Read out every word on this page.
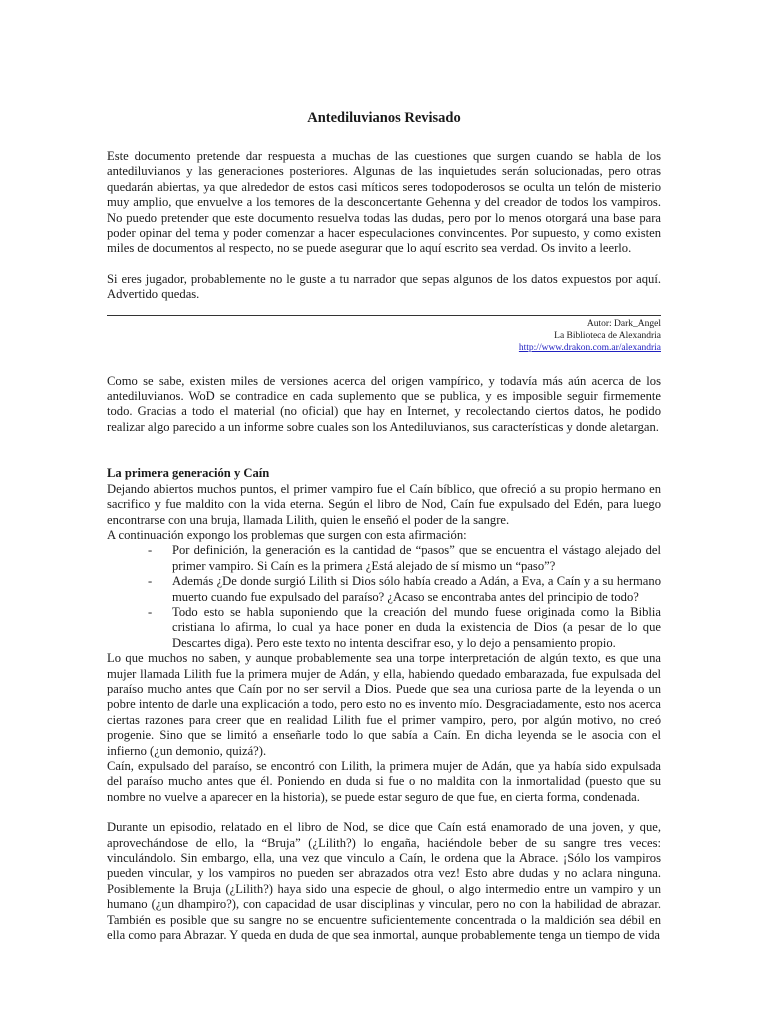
Antediluvianos Revisado

Este documento pretende dar respuesta a muchas de las cuestiones que surgen cuando se habla de los antediluvianos y las generaciones posteriores. Algunas de las inquietudes serán solucionadas, pero otras quedarán abiertas, ya que alrededor de estos casi míticos seres todopoderosos se oculta un telón de misterio muy amplio, que envuelve a los temores de la desconcertante Gehenna y del creador de todos los vampiros. No puedo pretender que este documento resuelva todas las dudas, pero por lo menos otorgará una base para poder opinar del tema y poder comenzar a hacer especulaciones convincentes. Por supuesto, y como existen miles de documentos al respecto, no se puede asegurar que lo aquí escrito sea verdad. Os invito a leerlo.

Si eres jugador, probablemente no le guste a tu narrador que sepas algunos de los datos expuestos por aquí. Advertido quedas.

Autor: Dark_Angel
La Biblioteca de Alexandria
http://www.drakon.com.ar/alexandria

Como se sabe, existen miles de versiones acerca del origen vampírico, y todavía más aún acerca de los antediluvianos. WoD se contradice en cada suplemento que se publica, y es imposible seguir firmemente todo. Gracias a todo el material (no oficial) que hay en Internet, y recolectando ciertos datos, he podido realizar algo parecido a un informe sobre cuales son los Antediluvianos, sus características y donde aletargan.

La primera generación y Caín

Dejando abiertos muchos puntos, el primer vampiro fue el Caín bíblico, que ofreció a su propio hermano en sacrifico y fue maldito con la vida eterna. Según el libro de Nod, Caín fue expulsado del Edén, para luego encontrarse con una bruja, llamada Lilith, quien le enseñó el poder de la sangre.

A continuación expongo los problemas que surgen con esta afirmación:

- Por definición, la generación es la cantidad de “pasos” que se encuentra el vástago alejado del primer vampiro. Si Caín es la primera ¿Está alejado de sí mismo un “paso”?
- Además ¿De donde surgió Lilith si Dios sólo había creado a Adán, a Eva, a Caín y a su hermano muerto cuando fue expulsado del paraíso? ¿Acaso se encontraba antes del principio de todo?
- Todo esto se habla suponiendo que la creación del mundo fuese originada como la Biblia cristiana lo afirma, lo cual ya hace poner en duda la existencia de Dios (a pesar de lo que Descartes diga). Pero este texto no intenta descifrar eso, y lo dejo a pensamiento propio.

Lo que muchos no saben, y aunque probablemente sea una torpe interpretación de algún texto, es que una mujer llamada Lilith fue la primera mujer de Adán, y ella, habiendo quedado embarazada, fue expulsada del paraíso mucho antes que Caín por no ser servil a Dios. Puede que sea una curiosa parte de la leyenda o un pobre intento de darle una explicación a todo, pero esto no es invento mío. Desgraciadamente, esto nos acerca ciertas razones para creer que en realidad Lilith fue el primer vampiro, pero, por algún motivo, no creó progenie. Sino que se limitó a enseñarle todo lo que sabía a Caín. En dicha leyenda se le asocia con el infierno (¿un demonio, quizá?).

Caín, expulsado del paraíso, se encontró con Lilith, la primera mujer de Adán, que ya había sido expulsada del paraíso mucho antes que él. Poniendo en duda si fue o no maldita con la inmortalidad (puesto que su nombre no vuelve a aparecer en la historia), se puede estar seguro de que fue, en cierta forma, condenada.

Durante un episodio, relatado en el libro de Nod, se dice que Caín está enamorado de una joven, y que, aprovechándose de ello, la “Bruja” (¿Lilith?) lo engaña, haciéndole beber de su sangre tres veces: vinculándolo. Sin embargo, ella, una vez que vinculo a Caín, le ordena que la Abrace. ¡Sólo los vampiros pueden vincular, y los vampiros no pueden ser abrazados otra vez! Esto abre dudas y no aclara ninguna. Posiblemente la Bruja (¿Lilith?) haya sido una especie de ghoul, o algo intermedio entre un vampiro y un humano (¿un dhampiro?), con capacidad de usar disciplinas y vincular, pero no con la habilidad de abrazar. También es posible que su sangre no se encuentre suficientemente concentrada o la maldición sea débil en ella como para Abrazar. Y queda en duda de que sea inmortal, aunque probablemente tenga un tiempo de vida
